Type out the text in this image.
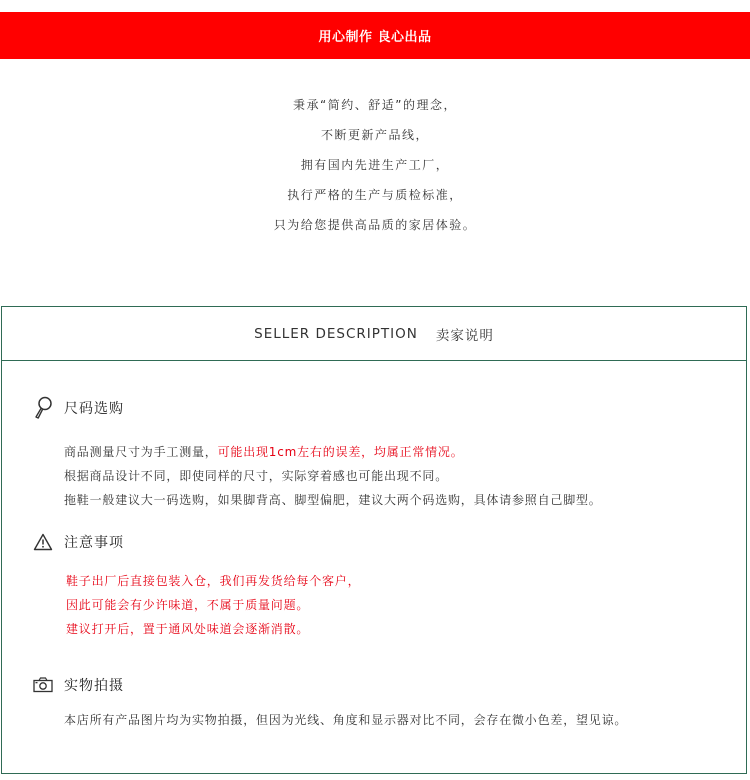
用心制作 良心出品
秉承“简约、舒适”的理念，
不断更新产品线，
拥有国内先进生产工厂，
执行严格的生产与质检标准，
只为给您提供高品质的家居体验。
SELLER DESCRIPTION 卖家说明
尺码选购
商品测量尺寸为手工测量，可能出现1cm左右的误差，均属正常情况。
根据商品设计不同，即使同样的尺寸，实际穿着感也可能出现不同。
拖鞋一般建议大一码选购，如果脚背高、脚型偏肥，建议大两个码选购，具体请参照自己脚型。
注意事项
鞋子出厂后直接包装入仓，我们再发货给每个客户，
因此可能会有少许味道，不属于质量问题。
建议打开后，置于通风处味道会逐渐消散。
实物拍摄
本店所有产品图片均为实物拍摄，但因为光线、角度和显示器对比不同，会存在微小色差，望见谅。
